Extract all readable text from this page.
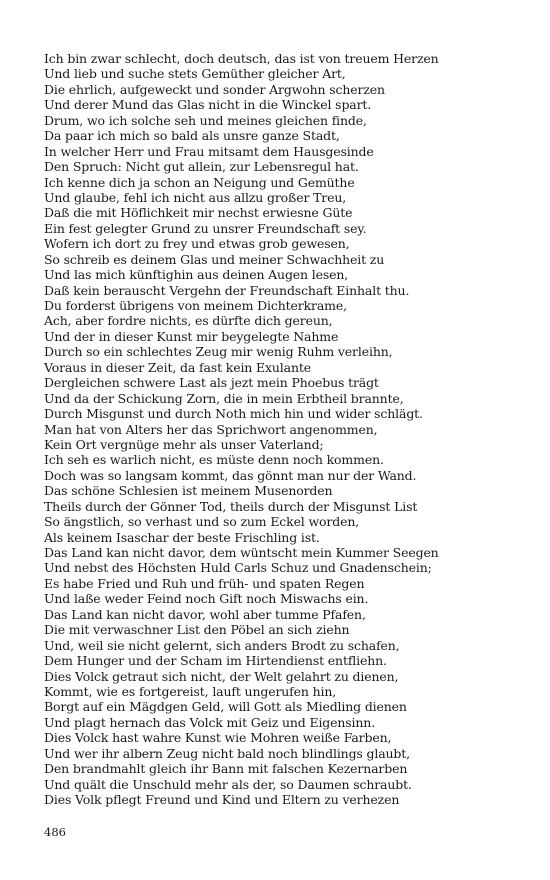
Ich bin zwar schlecht, doch deutsch, das ist von treuem Herzen
Und lieb und suche stets Gemüther gleicher Art,
Die ehrlich, aufgeweckt und sonder Argwohn scherzen
Und derer Mund das Glas nicht in die Winckel spart.
Drum, wo ich solche seh und meines gleichen finde,
Da paar ich mich so bald als unsre ganze Stadt,
In welcher Herr und Frau mitsamt dem Hausgesinde
Den Spruch: Nicht gut allein, zur Lebensregul hat.
Ich kenne dich ja schon an Neigung und Gemüthe
Und glaube, fehl ich nicht aus allzu großer Treu,
Daß die mit Höflichkeit mir nechst erwiesne Güte
Ein fest gelegter Grund zu unsrer Freundschaft sey.
Wofern ich dort zu frey und etwas grob gewesen,
So schreib es deinem Glas und meiner Schwachheit zu
Und las mich künftighin aus deinen Augen lesen,
Daß kein berauscht Vergehn der Freundschaft Einhalt thu.
Du forderst übrigens von meinem Dichterkrame,
Ach, aber fordre nichts, es dürfte dich gereun,
Und der in dieser Kunst mir beygelegte Nahme
Durch so ein schlechtes Zeug mir wenig Ruhm verleihn,
Voraus in dieser Zeit, da fast kein Exulante
Dergleichen schwere Last als jezt mein Phoebus trägt
Und da der Schickung Zorn, die in mein Erbtheil brannte,
Durch Misgunst und durch Noth mich hin und wider schlägt.
Man hat von Alters her das Sprichwort angenommen,
Kein Ort vergnüge mehr als unser Vaterland;
Ich seh es warlich nicht, es müste denn noch kommen.
Doch was so langsam kommt, das gönnt man nur der Wand.
Das schöne Schlesien ist meinem Musenorden
Theils durch der Gönner Tod, theils durch der Misgunst List
So ängstlich, so verhast und so zum Eckel worden,
Als keinem Isaschar der beste Frischling ist.
Das Land kan nicht davor, dem wüntscht mein Kummer Seegen
Und nebst des Höchsten Huld Carls Schuz und Gnadenschein;
Es habe Fried und Ruh und früh- und spaten Regen
Und laße weder Feind noch Gift noch Miswachs ein.
Das Land kan nicht davor, wohl aber tumme Pfafen,
Die mit verwaschner List den Pöbel an sich ziehn
Und, weil sie nicht gelernt, sich anders Brodt zu schafen,
Dem Hunger und der Scham im Hirtendienst entfliehn.
Dies Volck getraut sich nicht, der Welt gelahrt zu dienen,
Kommt, wie es fortgereist, lauft ungerufen hin,
Borgt auf ein Mägdgen Geld, will Gott als Miedling dienen
Und plagt hernach das Volck mit Geiz und Eigensinn.
Dies Volck hast wahre Kunst wie Mohren weiße Farben,
Und wer ihr albern Zeug nicht bald noch blindlings glaubt,
Den brandmahlt gleich ihr Bann mit falschen Kezernarben
Und quält die Unschuld mehr als der, so Daumen schraubt.
Dies Volk pflegt Freund und Kind und Eltern zu verhezen
486
